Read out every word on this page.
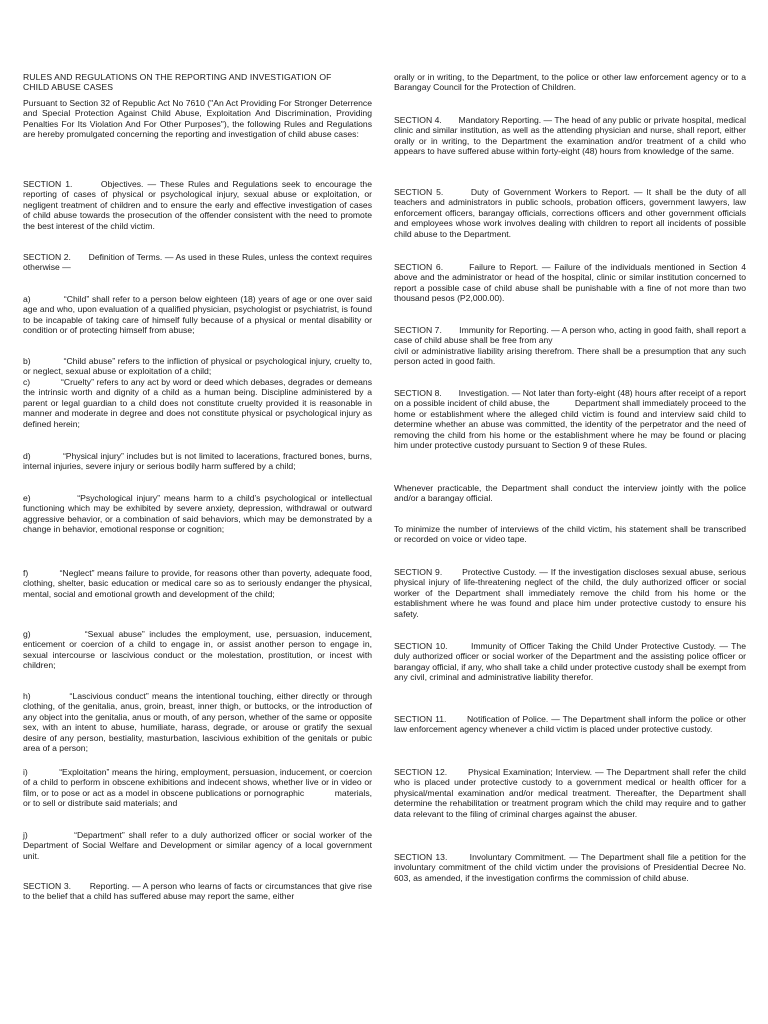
RULES AND REGULATIONS ON THE REPORTING AND INVESTIGATION OF
CHILD ABUSE CASES

Pursuant to Section 32 of Republic Act No 7610 ("An Act Providing For Stronger Deterrence and Special Protection Against Child Abuse, Exploitation And Discrimination, Providing Penalties For Its Violation And For Other Purposes"), the following Rules and Regulations are hereby promulgated concerning the reporting and investigation of child abuse cases:

SECTION 1.       Objectives. — These Rules and Regulations seek to encourage the reporting of cases of physical or psychological injury, sexual abuse or exploitation, or negligent treatment of children and to ensure the early and effective investigation of cases of child abuse towards the prosecution of the offender consistent with the need to promote the best interest of the child victim.

SECTION 2.       Definition of Terms. — As used in these Rules, unless the context requires otherwise —

a)            “Child” shall refer to a person below eighteen (18) years of age or one over said age and who, upon evaluation of a qualified physician, psychologist or psychiatrist, is found to be incapable of taking care of himself fully because of a physical or mental disability or condition or of protecting himself from abuse;

b)            “Child abuse” refers to the infliction of physical or psychological injury, cruelty to, or neglect, sexual abuse or exploitation of a child;
c)            “Cruelty” refers to any act by word or deed which debases, degrades or demeans the intrinsic worth and dignity of a child as a human being. Discipline administered by a parent or legal guardian to a child does not constitute cruelty provided it is reasonable in manner and moderate in degree and does not constitute physical or psychological injury as defined herein;

d)            “Physical injury” includes but is not limited to lacerations, fractured bones, burns, internal injuries, severe injury or serious bodily harm suffered by a child;

e)            “Psychological injury” means harm to a child’s psychological or intellectual functioning which may be exhibited by severe anxiety, depression, withdrawal or outward aggressive behavior, or a combination of said behaviors, which may be demonstrated by a change in behavior, emotional response or cognition;

f)            “Neglect” means failure to provide, for reasons other than poverty, adequate food, clothing, shelter, basic education or medical care so as to seriously endanger the physical, mental, social and emotional growth and development of the child;

g)            “Sexual abuse” includes the employment, use, persuasion, inducement, enticement or coercion of a child to engage in, or assist another person to engage in, sexual intercourse or lascivious conduct or the molestation, prostitution, or incest with children;

h)            “Lascivious conduct” means the intentional touching, either directly or through clothing, of the genitalia, anus, groin, breast, inner thigh, or buttocks, or the introduction of any object into the genitalia, anus or mouth, of any person, whether of the same or opposite sex, with an intent to abuse, humiliate, harass, degrade, or arouse or gratify the sexual desire of any person, bestiality, masturbation, lascivious exhibition of the genitals or pubic area of a person;

i)            “Exploitation” means the hiring, employment, persuasion, inducement, or coercion of a child to perform in obscene exhibitions and indecent shows, whether live or in video or film, or to pose or act as a model in obscene publications or pornographic            materials, or to sell or distribute said materials; and

j)            “Department” shall refer to a duly authorized officer or social worker of the Department of Social Welfare and Development or similar agency of a local government unit.

SECTION 3.       Reporting. — A person who learns of facts or circumstances that give rise to the belief that a child has suffered abuse may report the same, either

orally or in writing, to the Department, to the police or other law enforcement agency or to a Barangay Council for the Protection of Children.

SECTION 4.       Mandatory Reporting. — The head of any public or private hospital, medical clinic and similar institution, as well as the attending physician and nurse, shall report, either orally or in writing, to the Department the examination and/or treatment of a child who appears to have suffered abuse within forty-eight (48) hours from knowledge of the same.

SECTION 5.       Duty of Government Workers to Report. — It shall be the duty of all teachers and administrators in public schools, probation officers, government lawyers, law enforcement officers, barangay officials, corrections officers and other government officials and employees whose work involves dealing with children to report all incidents of possible child abuse to the Department.

SECTION 6.       Failure to Report. — Failure of the individuals mentioned in Section 4 above and the administrator or head of the hospital, clinic or similar institution concerned to report a possible case of child abuse shall be punishable with a fine of not more than two thousand pesos (P2,000.00).

SECTION 7.       Immunity for Reporting. — A person who, acting in good faith, shall report a case of child abuse shall be free from any
civil or administrative liability arising therefrom. There shall be a presumption that any such person acted in good faith.

SECTION 8.       Investigation. — Not later than forty-eight (48) hours after receipt of a report on a possible incident of child abuse, the          Department shall immediately proceed to the home or establishment where the alleged child victim is found and interview said child to determine whether an abuse was committed, the identity of the perpetrator and the need of removing the child from his home or the establishment where he may be found or placing him under protective custody pursuant to Section 9 of these Rules.

Whenever practicable, the Department shall conduct the interview jointly with the police and/or a barangay official.

To minimize the number of interviews of the child victim, his statement shall be transcribed or recorded on voice or video tape.

SECTION 9.       Protective Custody. — If the investigation discloses sexual abuse, serious physical injury of life-threatening neglect of the child, the duly authorized officer or social worker of the Department shall immediately remove the child from his home or the establishment where he was found and place him under protective custody to ensure his safety.

SECTION 10.       Immunity of Officer Taking the Child Under Protective Custody. — The duly authorized officer or social worker of the Department and the assisting police officer or barangay official, if any, who shall take a child under protective custody shall be exempt from any civil, criminal and administrative liability therefor.

SECTION 11.       Notification of Police. — The Department shall inform the police or other law enforcement agency whenever a child victim is placed under protective custody.

SECTION 12.       Physical Examination; Interview. — The Department shall refer the child who is placed under protective custody to a government medical or health officer for a physical/mental examination and/or medical treatment. Thereafter, the Department shall determine the rehabilitation or treatment program which the child may require and to gather data relevant to the filing of criminal charges against the abuser.

SECTION 13.       Involuntary Commitment. — The Department shall file a petition for the involuntary commitment of the child victim under the provisions of Presidential Decree No. 603, as amended, if the investigation confirms the commission of child abuse.
